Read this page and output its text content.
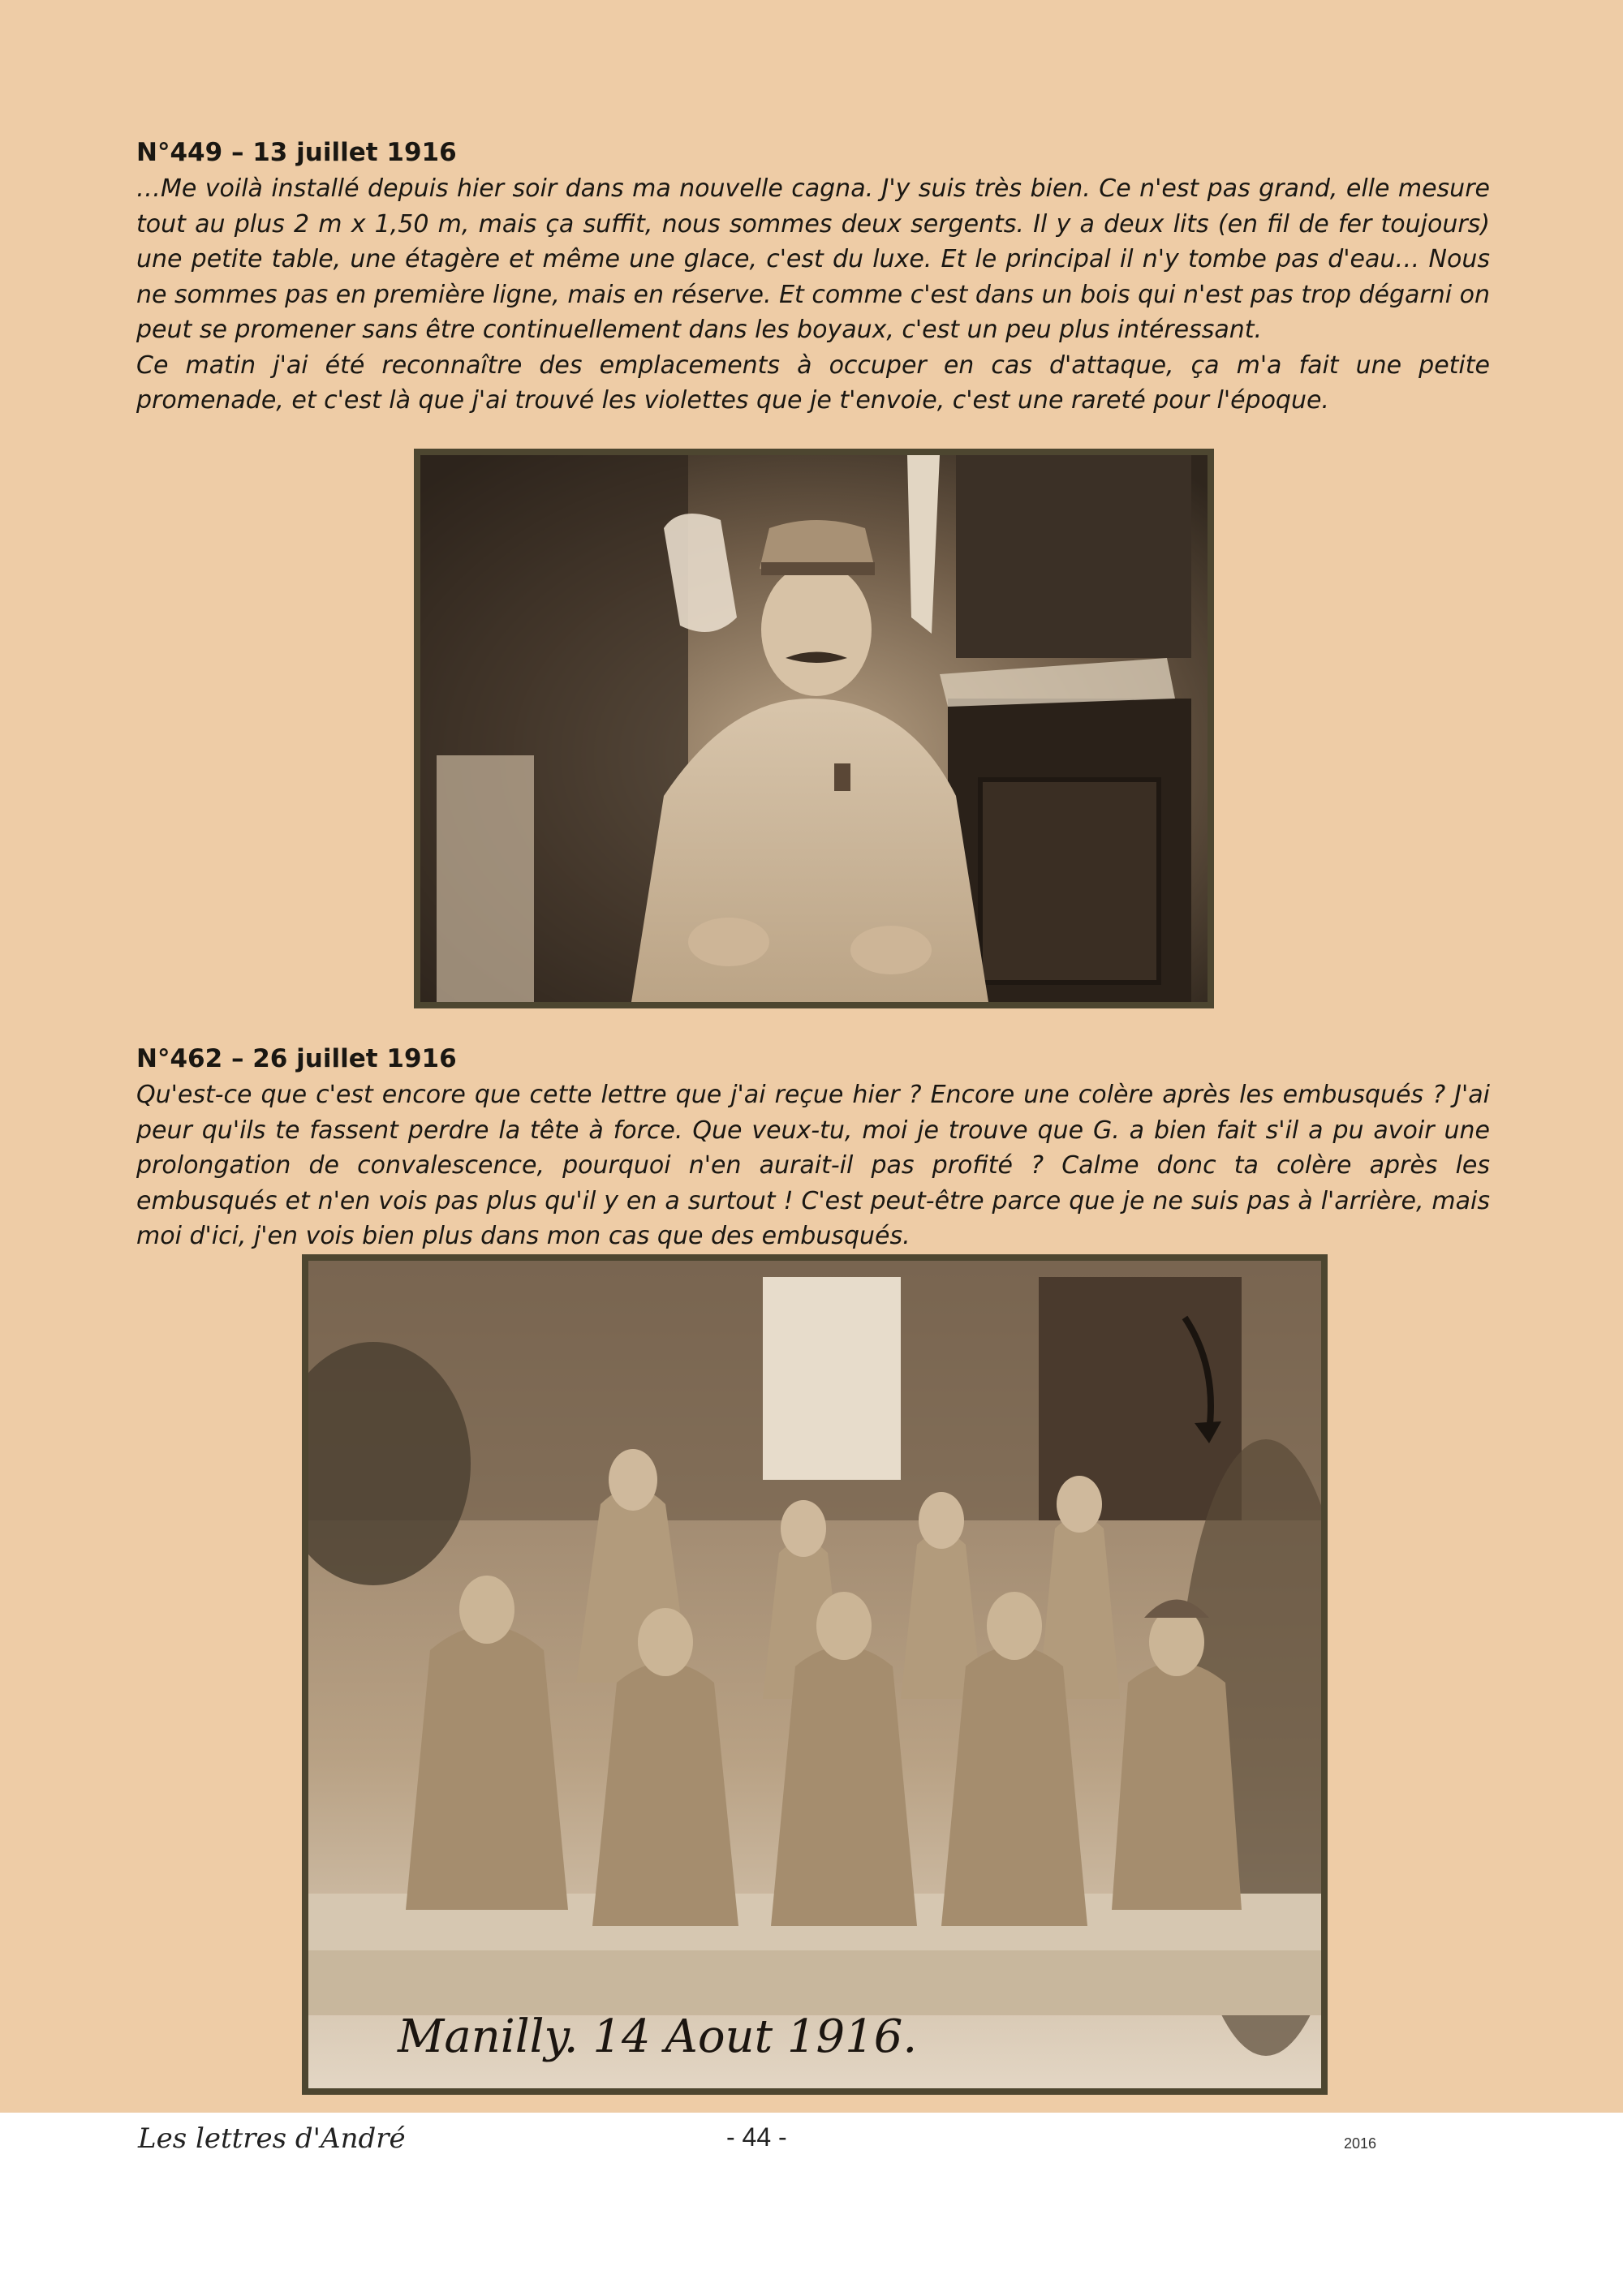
N°449 – 13 juillet 1916

…Me voilà installé depuis hier soir dans ma nouvelle cagna. J'y suis très bien. Ce n'est pas grand, elle mesure tout au plus 2 m x 1,50 m, mais ça suffit, nous sommes deux sergents. Il y a deux lits (en fil de fer toujours) une petite table, une étagère et même une glace, c'est du luxe. Et le principal il n'y tombe pas d'eau… Nous ne sommes pas en première ligne, mais en réserve. Et comme c'est dans un bois qui n'est pas trop dégarni on peut se promener sans être continuellement dans les boyaux, c'est un peu plus intéressant.

Ce matin j'ai été reconnaître des emplacements à occuper en cas d'attaque, ça m'a fait une petite promenade, et c'est là que j'ai trouvé les violettes que je t'envoie, c'est une rareté pour l'époque.

N°462 – 26 juillet 1916

Qu'est-ce que c'est encore que cette lettre que j'ai reçue hier ? Encore une colère après les embusqués ? J'ai peur qu'ils te fassent perdre la tête à force. Que veux-tu, moi je trouve que G. a bien fait s'il a pu avoir une prolongation de convalescence, pourquoi n'en aurait-il pas profité ? Calme donc ta colère après les embusqués et n'en vois pas plus qu'il y en a surtout ! C'est peut-être parce que je ne suis pas à l'arrière, mais moi d'ici, j'en vois bien plus dans mon cas que des embusqués.

Manilly. 14 Aout 1916.
Les lettres d'André	- 44 -	2016
